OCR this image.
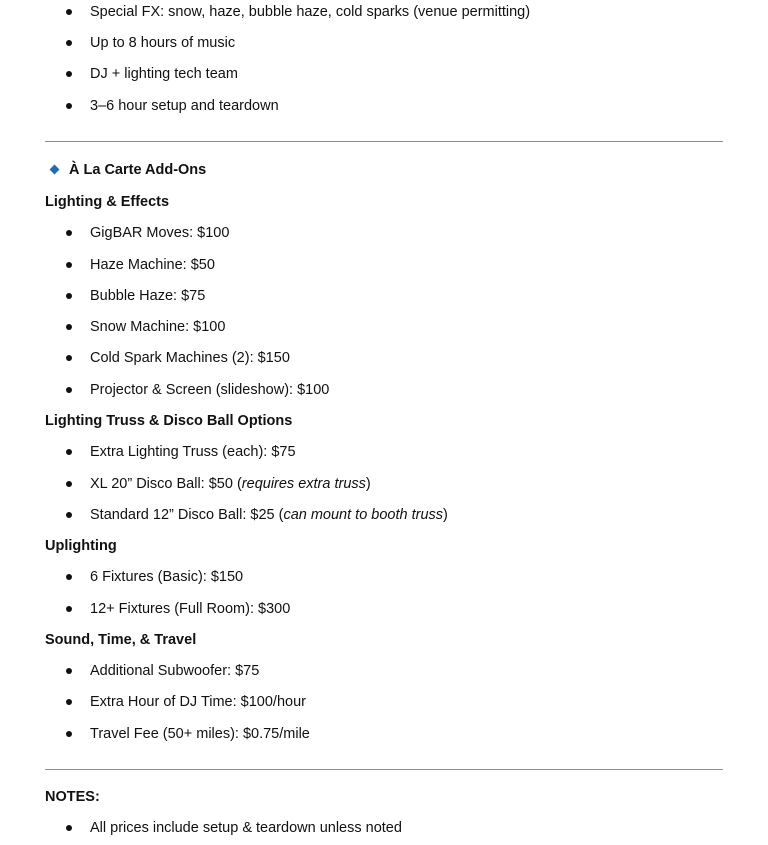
Special FX: snow, haze, bubble haze, cold sparks (venue permitting)
Up to 8 hours of music
DJ + lighting tech team
3–6 hour setup and teardown
À La Carte Add-Ons
Lighting & Effects
GigBAR Moves: $100
Haze Machine: $50
Bubble Haze: $75
Snow Machine: $100
Cold Spark Machines (2): $150
Projector & Screen (slideshow): $100
Lighting Truss & Disco Ball Options
Extra Lighting Truss (each): $75
XL 20” Disco Ball: $50 (requires extra truss)
Standard 12” Disco Ball: $25 (can mount to booth truss)
Uplighting
6 Fixtures (Basic): $150
12+ Fixtures (Full Room): $300
Sound, Time, & Travel
Additional Subwoofer: $75
Extra Hour of DJ Time: $100/hour
Travel Fee (50+ miles): $0.75/mile
NOTES:
All prices include setup & teardown unless noted
